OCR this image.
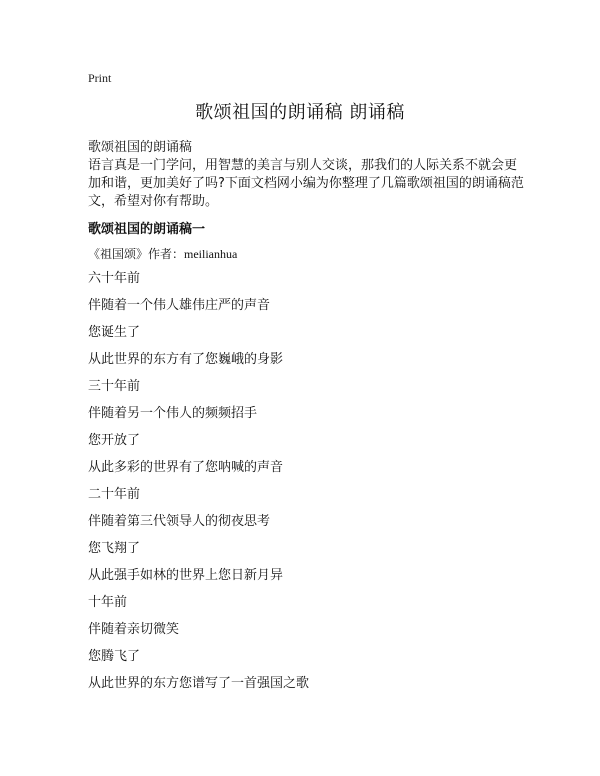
Print
歌颂祖国的朗诵稿 朗诵稿
歌颂祖国的朗诵稿
语言真是一门学问，用智慧的美言与别人交谈，那我们的人际关系不就会更加和谐，更加美好了吗?下面文档网小编为你整理了几篇歌颂祖国的朗诵稿范文，希望对你有帮助。
歌颂祖国的朗诵稿一
《祖国颂》作者：meilianhua
六十年前
伴随着一个伟人雄伟庄严的声音
您诞生了
从此世界的东方有了您巍峨的身影
三十年前
伴随着另一个伟人的频频招手
您开放了
从此多彩的世界有了您呐喊的声音
二十年前
伴随着第三代领导人的彻夜思考
您飞翔了
从此强手如林的世界上您日新月异
十年前
伴随着亲切微笑
您腾飞了
从此世界的东方您谱写了一首强国之歌
